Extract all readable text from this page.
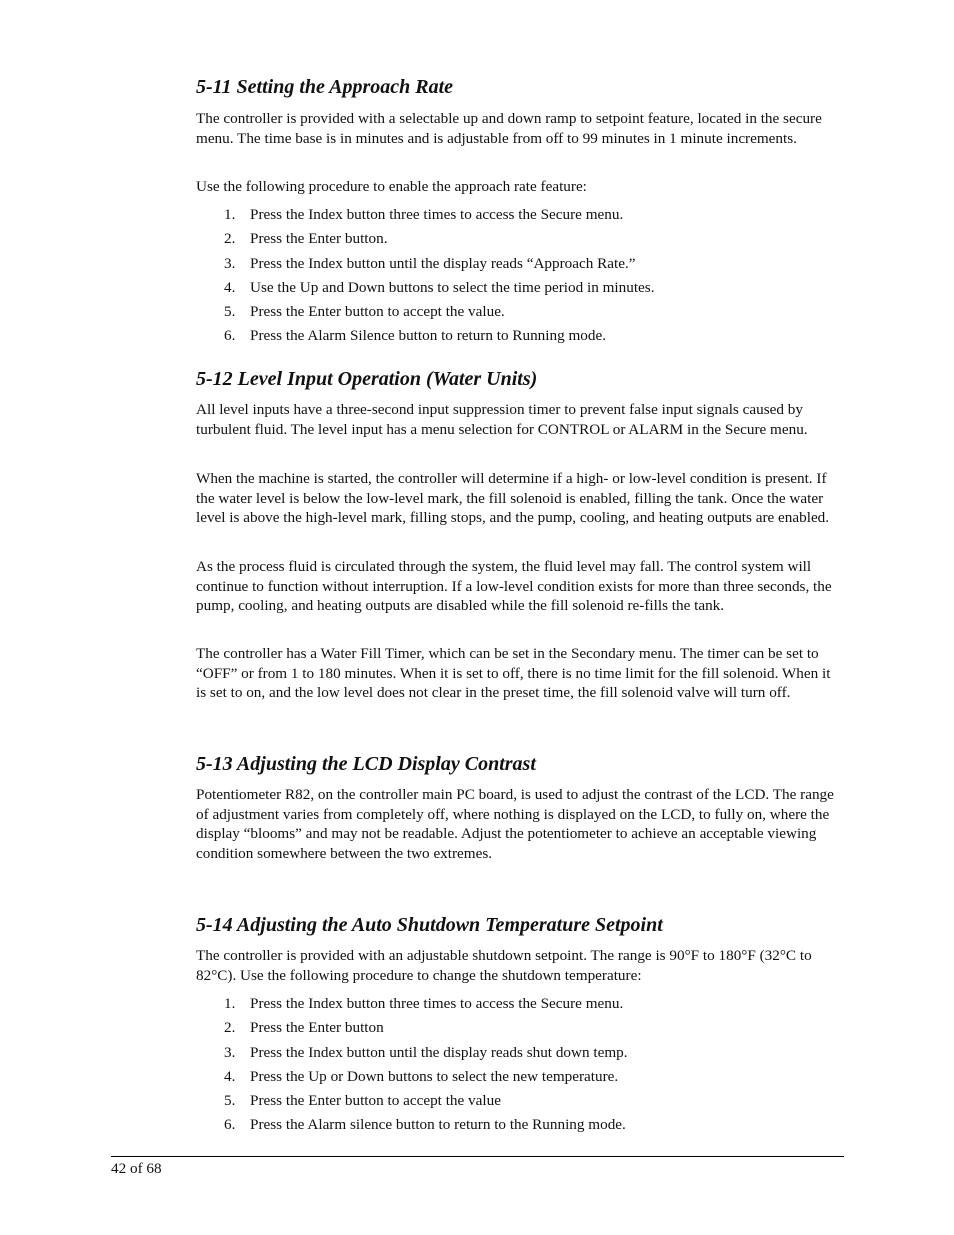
5-11 Setting the Approach Rate

The controller is provided with a selectable up and down ramp to setpoint feature, located in the secure menu. The time base is in minutes and is adjustable from off to 99 minutes in 1 minute increments.

Use the following procedure to enable the approach rate feature:

1. Press the Index button three times to access the Secure menu.
2. Press the Enter button.
3. Press the Index button until the display reads “Approach Rate.”
4. Use the Up and Down buttons to select the time period in minutes.
5. Press the Enter button to accept the value.
6. Press the Alarm Silence button to return to Running mode.
5-12 Level Input Operation (Water Units)

All level inputs have a three-second input suppression timer to prevent false input signals caused by turbulent fluid. The level input has a menu selection for CONTROL or ALARM in the Secure menu.

When the machine is started, the controller will determine if a high- or low-level condition is present. If the water level is below the low-level mark, the fill solenoid is enabled, filling the tank. Once the water level is above the high-level mark, filling stops, and the pump, cooling, and heating outputs are enabled.

As the process fluid is circulated through the system, the fluid level may fall. The control system will continue to function without interruption. If a low-level condition exists for more than three seconds, the pump, cooling, and heating outputs are disabled while the fill solenoid re-fills the tank.

The controller has a Water Fill Timer, which can be set in the Secondary menu. The timer can be set to “OFF” or from 1 to 180 minutes. When it is set to off, there is no time limit for the fill solenoid. When it is set to on, and the low level does not clear in the preset time, the fill solenoid valve will turn off.

5-13 Adjusting the LCD Display Contrast

Potentiometer R82, on the controller main PC board, is used to adjust the contrast of the LCD. The range of adjustment varies from completely off, where nothing is displayed on the LCD, to fully on, where the display “blooms” and may not be readable. Adjust the potentiometer to achieve an acceptable viewing condition somewhere between the two extremes.

5-14 Adjusting the Auto Shutdown Temperature Setpoint

The controller is provided with an adjustable shutdown setpoint. The range is 90°F to 180°F (32°C to 82°C). Use the following procedure to change the shutdown temperature:

1. Press the Index button three times to access the Secure menu.
2. Press the Enter button
3. Press the Index button until the display reads shut down temp.
4. Press the Up or Down buttons to select the new temperature.
5. Press the Enter button to accept the value
6. Press the Alarm silence button to return to the Running mode.
42 of 68
